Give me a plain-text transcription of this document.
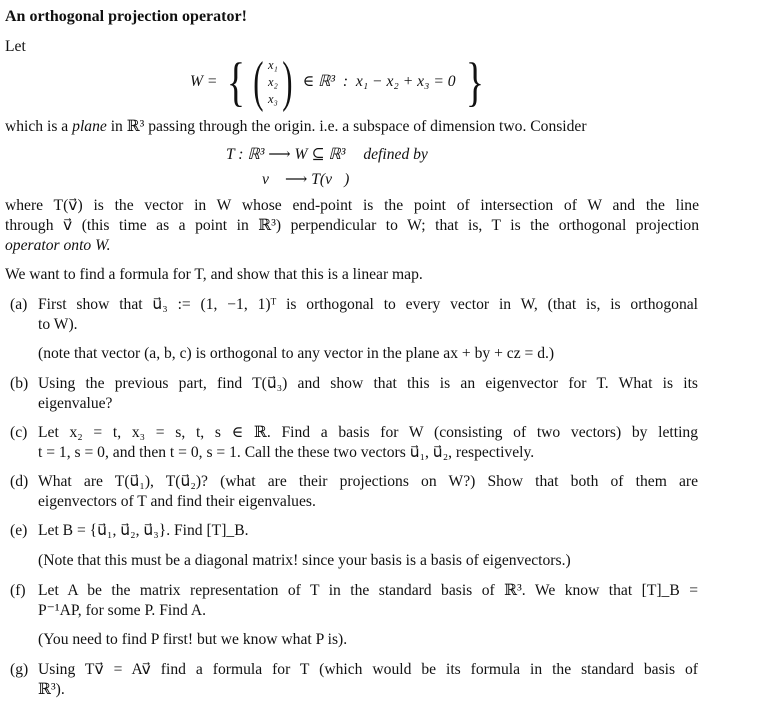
An orthogonal projection operator!
Let
W = { ( x₁
x₂
x₃ ) ∈ ℝ³  :  x₁ − x₂ + x₃ = 0 }
which is a plane in ℝ³ passing through the origin. i.e. a subspace of dimension two. Consider
T : ℝ³ ⟶ W ⊆ ℝ³ defined by
v⃗ ⟶ T(v⃗)
where T(v⃗) is the vector in W whose end-point is the point of intersection of W and the line
through v⃗ (this time as a point in ℝ³) perpendicular to W; that is, T is the orthogonal projection
operator onto W.
We want to find a formula for T, and show that this is a linear map.
(a) First show that u⃗₃ := (1, −1, 1)ᵀ is orthogonal to every vector in W, (that is, is orthogonal
to W).
(note that vector (a, b, c) is orthogonal to any vector in the plane ax + by + cz = d.)
(b) Using the previous part, find T(u⃗₃) and show that this is an eigenvector for T. What is its
eigenvalue?
(c) Let x₂ = t, x₃ = s, t, s ∈ ℝ. Find a basis for W (consisting of two vectors) by letting
t = 1, s = 0, and then t = 0, s = 1. Call the these two vectors u⃗₁, u⃗₂, respectively.
(d) What are T(u⃗₁), T(u⃗₂)? (what are their projections on W?) Show that both of them are
eigenvectors of T and find their eigenvalues.
(e) Let B = {u⃗₁, u⃗₂, u⃗₃}. Find [T]_B.
(Note that this must be a diagonal matrix! since your basis is a basis of eigenvectors.)
(f) Let A be the matrix representation of T in the standard basis of ℝ³. We know that [T]_B =
P⁻¹AP, for some P. Find A.
(You need to find P first! but we know what P is).
(g) Using Tv⃗ = Av⃗ find a formula for T (which would be its formula in the standard basis of
ℝ³).
